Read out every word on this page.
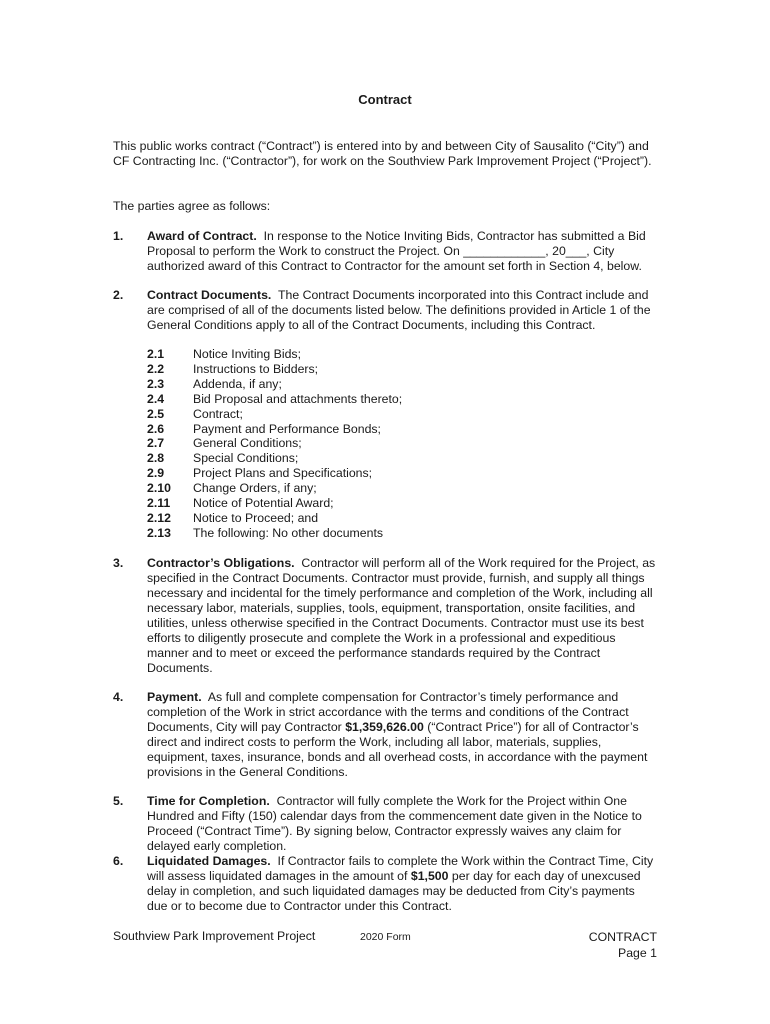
Contract
This public works contract (“Contract”) is entered into by and between City of Sausalito (“City”) and CF Contracting Inc. (“Contractor”), for work on the Southview Park Improvement Project (“Project”).
The parties agree as follows:
1. Award of Contract. In response to the Notice Inviting Bids, Contractor has submitted a Bid Proposal to perform the Work to construct the Project. On ____________, 20___, City authorized award of this Contract to Contractor for the amount set forth in Section 4, below.
2. Contract Documents. The Contract Documents incorporated into this Contract include and are comprised of all of the documents listed below. The definitions provided in Article 1 of the General Conditions apply to all of the Contract Documents, including this Contract.
2.1	Notice Inviting Bids;
2.2	Instructions to Bidders;
2.3	Addenda, if any;
2.4	Bid Proposal and attachments thereto;
2.5	Contract;
2.6	Payment and Performance Bonds;
2.7	General Conditions;
2.8	Special Conditions;
2.9	Project Plans and Specifications;
2.10	Change Orders, if any;
2.11	Notice of Potential Award;
2.12	Notice to Proceed; and
2.13	The following: No other documents
3. Contractor’s Obligations. Contractor will perform all of the Work required for the Project, as specified in the Contract Documents. Contractor must provide, furnish, and supply all things necessary and incidental for the timely performance and completion of the Work, including all necessary labor, materials, supplies, tools, equipment, transportation, onsite facilities, and utilities, unless otherwise specified in the Contract Documents. Contractor must use its best efforts to diligently prosecute and complete the Work in a professional and expeditious manner and to meet or exceed the performance standards required by the Contract Documents.
4. Payment. As full and complete compensation for Contractor’s timely performance and completion of the Work in strict accordance with the terms and conditions of the Contract Documents, City will pay Contractor $1,359,626.00 (“Contract Price”) for all of Contractor’s direct and indirect costs to perform the Work, including all labor, materials, supplies, equipment, taxes, insurance, bonds and all overhead costs, in accordance with the payment provisions in the General Conditions.
5. Time for Completion. Contractor will fully complete the Work for the Project within One Hundred and Fifty (150) calendar days from the commencement date given in the Notice to Proceed (“Contract Time”). By signing below, Contractor expressly waives any claim for delayed early completion.
6. Liquidated Damages. If Contractor fails to complete the Work within the Contract Time, City will assess liquidated damages in the amount of $1,500 per day for each day of unexcused delay in completion, and such liquidated damages may be deducted from City’s payments due or to become due to Contractor under this Contract.
Southview Park Improvement Project	2020 Form	CONTRACT
Page 1
